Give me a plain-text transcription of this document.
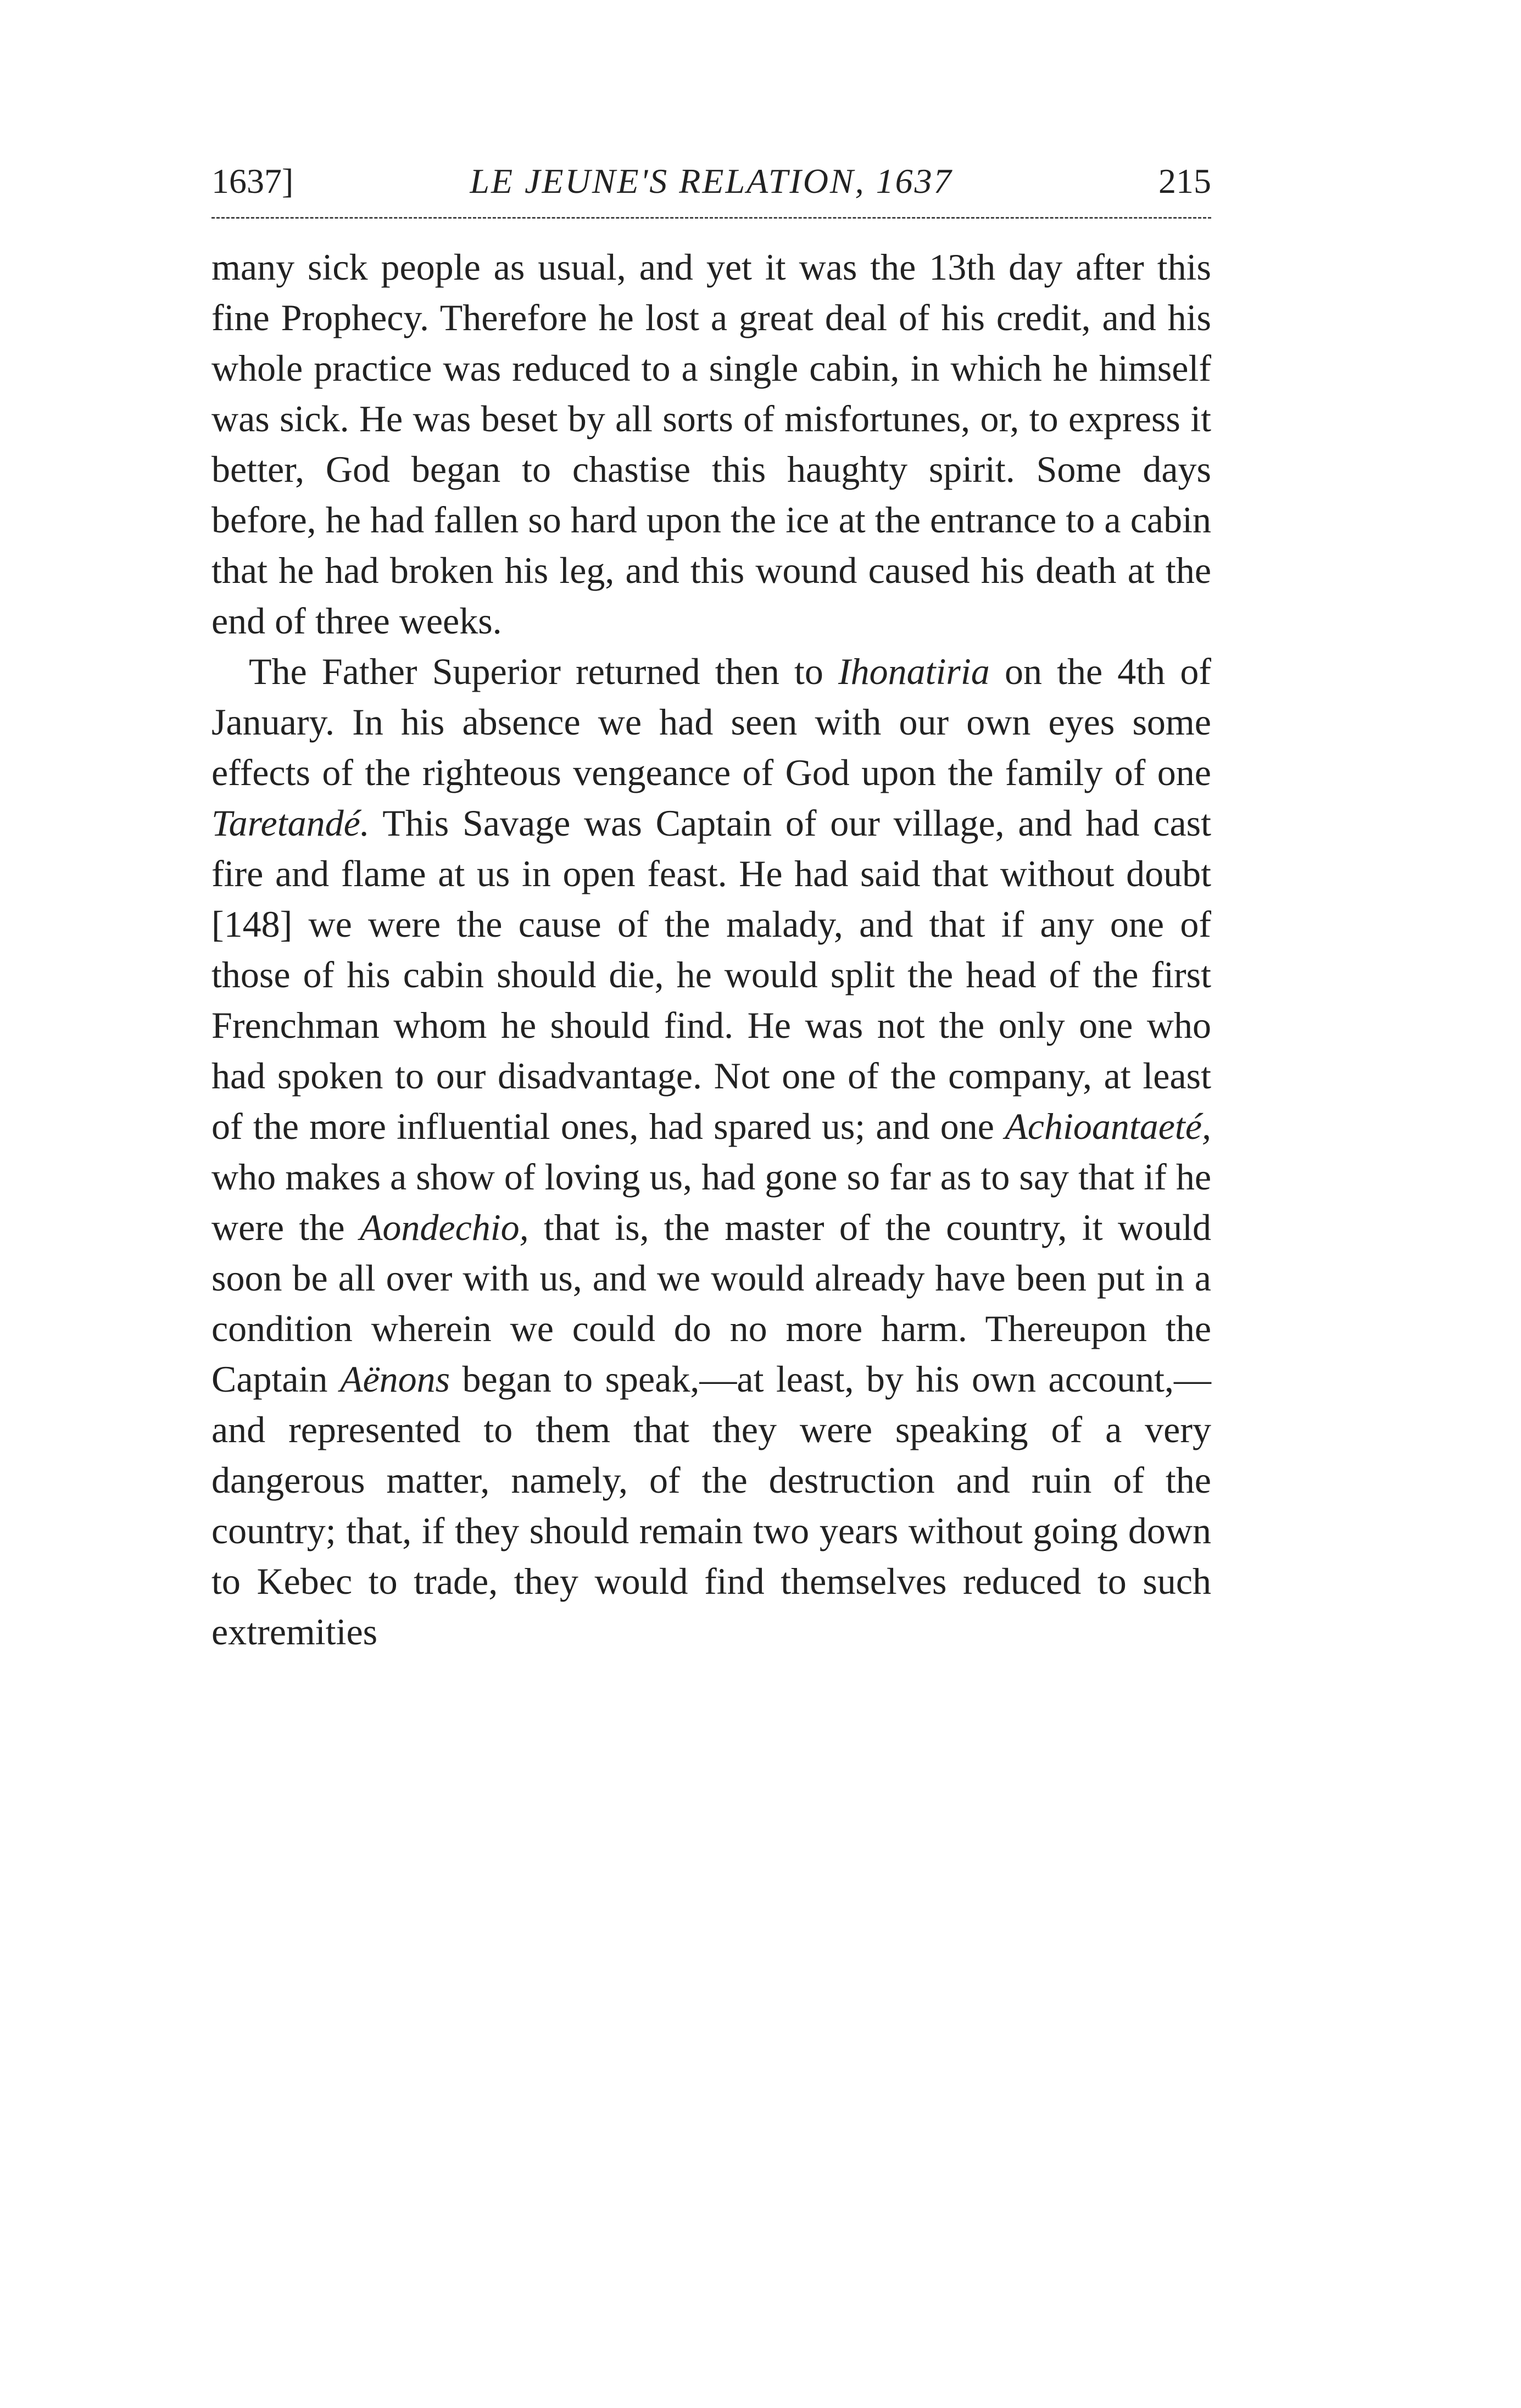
1637]	LE JEUNE'S RELATION, 1637	215

many sick people as usual, and yet it was the 13th day after this fine Prophecy. Therefore he lost a great deal of his credit, and his whole practice was reduced to a single cabin, in which he himself was sick. He was beset by all sorts of misfortunes, or, to express it better, God began to chastise this haughty spirit. Some days before, he had fallen so hard upon the ice at the entrance to a cabin that he had broken his leg, and this wound caused his death at the end of three weeks.

 The Father Superior returned then to Ihonatiria on the 4th of January. In his absence we had seen with our own eyes some effects of the righteous vengeance of God upon the family of one Taretandé. This Savage was Captain of our village, and had cast fire and flame at us in open feast. He had said that without doubt [148] we were the cause of the malady, and that if any one of those of his cabin should die, he would split the head of the first Frenchman whom he should find. He was not the only one who had spoken to our disadvantage. Not one of the company, at least of the more influential ones, had spared us; and one Achioantaeté, who makes a show of loving us, had gone so far as to say that if he were the Aondechio, that is, the master of the country, it would soon be all over with us, and we would already have been put in a condition wherein we could do no more harm. Thereupon the Captain Aënons began to speak,—at least, by his own account,—and represented to them that they were speaking of a very dangerous matter, namely, of the destruction and ruin of the country; that, if they should remain two years without going down to Kebec to trade, they would find themselves reduced to such extremities
